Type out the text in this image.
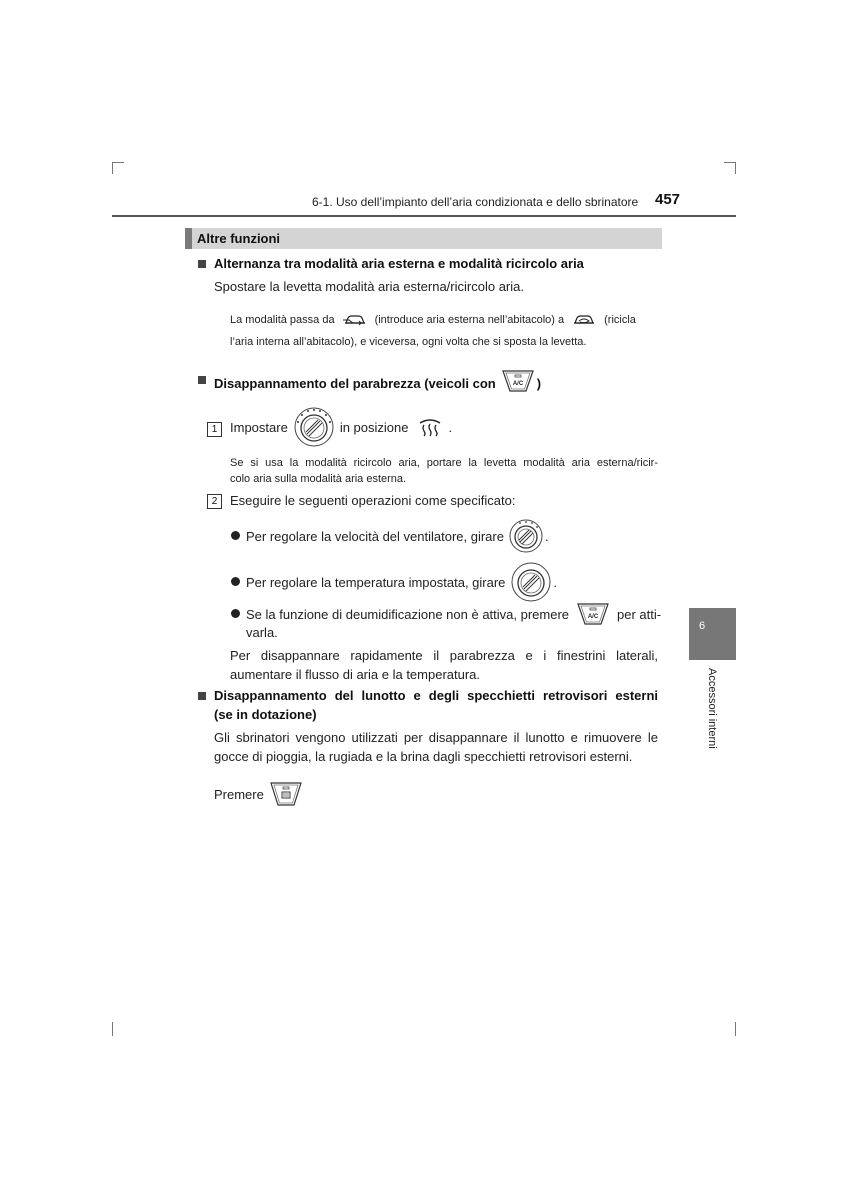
6-1. Uso dell’impianto dell’aria condizionata e dello sbrinatore 457
Altre funzioni
Alternanza tra modalità aria esterna e modalità ricircolo aria
Spostare la levetta modalità aria esterna/ricircolo aria.
La modalità passa da	(introduce aria esterna nell’abitacolo) a	(ricicla
l’aria interna all’abitacolo), e viceversa, ogni volta che si sposta la levetta.
Disappannamento del parabrezza (veicoli con	A/C )
1 Impostare	in posizione	.
Se si usa la modalità ricircolo aria, portare la levetta modalità aria esterna/ricir-
colo aria sulla modalità aria esterna.
2 Eseguire le seguenti operazioni come specificato:
Per regolare la velocità del ventilatore, girare	.
Per regolare la temperatura impostata, girare	.
Se la funzione di deumidificazione non è attiva, premere	A/C per atti-
varla.
Per disappannare rapidamente il parabrezza e i finestrini laterali,
aumentare il flusso di aria e la temperatura.
Disappannamento del lunotto e degli specchietti retrovisori esterni
(se in dotazione)
Gli sbrinatori vengono utilizzati per disappannare il lunotto e rimuovere le
gocce di pioggia, la rugiada e la brina dagli specchietti retrovisori esterni.
Premere
6
Accessori interni
